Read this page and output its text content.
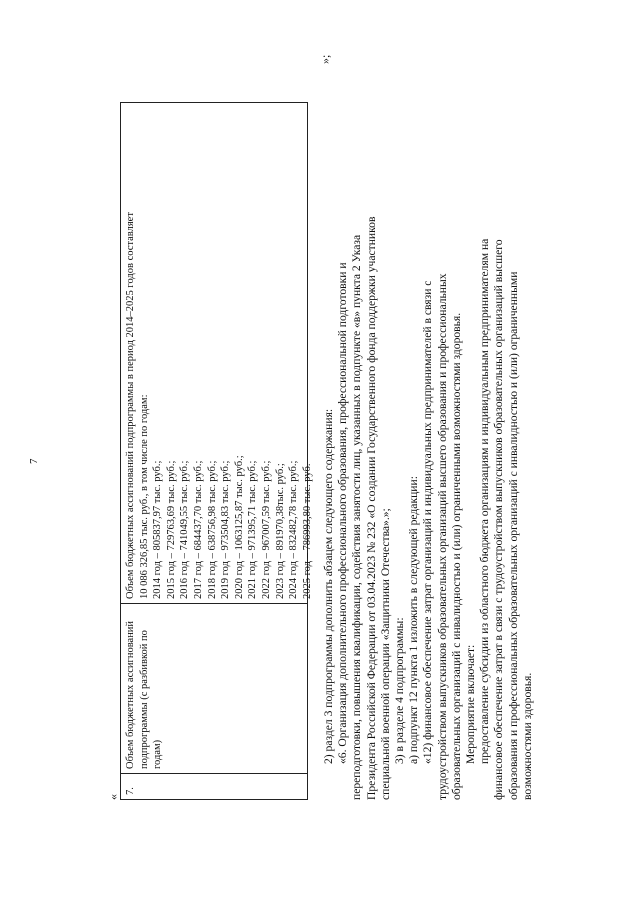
7
«
7.
Объем бюджетных ассигнований подпрограммы (с разбивкой по годам)
Объем бюджетных ассигнований подпрограммы в период 2014–2025 годов составляет 10 086 326,85 тыс. руб., в том числе по годам: 2014 год – 805837,97 тыс. руб.; 2015 год – 729763,69 тыс. руб.; 2016 год – 741049,55 тыс. руб.; 2017 год – 684437,70 тыс. руб.; 2018 год – 638756,98 тыс. руб.; 2019 год – 973504,83 тыс. руб.; 2020 год – 1063125,87 тыс. руб.; 2021 год – 971395,71 тыс. руб.; 2022 год – 967007,59 тыс. руб.; 2023 год – 891970,38тыс. руб.; 2024 год – 832482,78 тыс. руб.; 2025 год – 786993,80 тыс. руб.
»;
2) раздел 3 подпрограммы дополнить абзацем следующего содержания: «6. Организация дополнительного профессионального образования, профессиональной подготовки и переподготовки, повышения квалификации, содействия занятости лиц, указанных в подпункте «в» пункта 2 Указа Президента Российской Федерации от 03.04.2023 № 232 «О создании Государственного фонда поддержки участников специальной военной операции «Защитники Отечества».»; 3) в разделе 4 подпрограммы: а) подпункт 12 пункта 1 изложить в следующей редакции: «12) финансовое обеспечение затрат организаций и индивидуальных предпринимателей в связи с трудоустройством выпускников образовательных организаций высшего образования и профессиональных образовательных организаций с инвалидностью и (или) ограниченными возможностями здоровья. Мероприятие включает: предоставление субсидии из областного бюджета организациям и индивидуальным предпринимателям на финансовое обеспечение затрат в связи с трудоустройством выпускников образовательных организаций высшего образования и профессиональных образовательных организаций с инвалидностью и (или) ограниченными возможностями здоровья.
